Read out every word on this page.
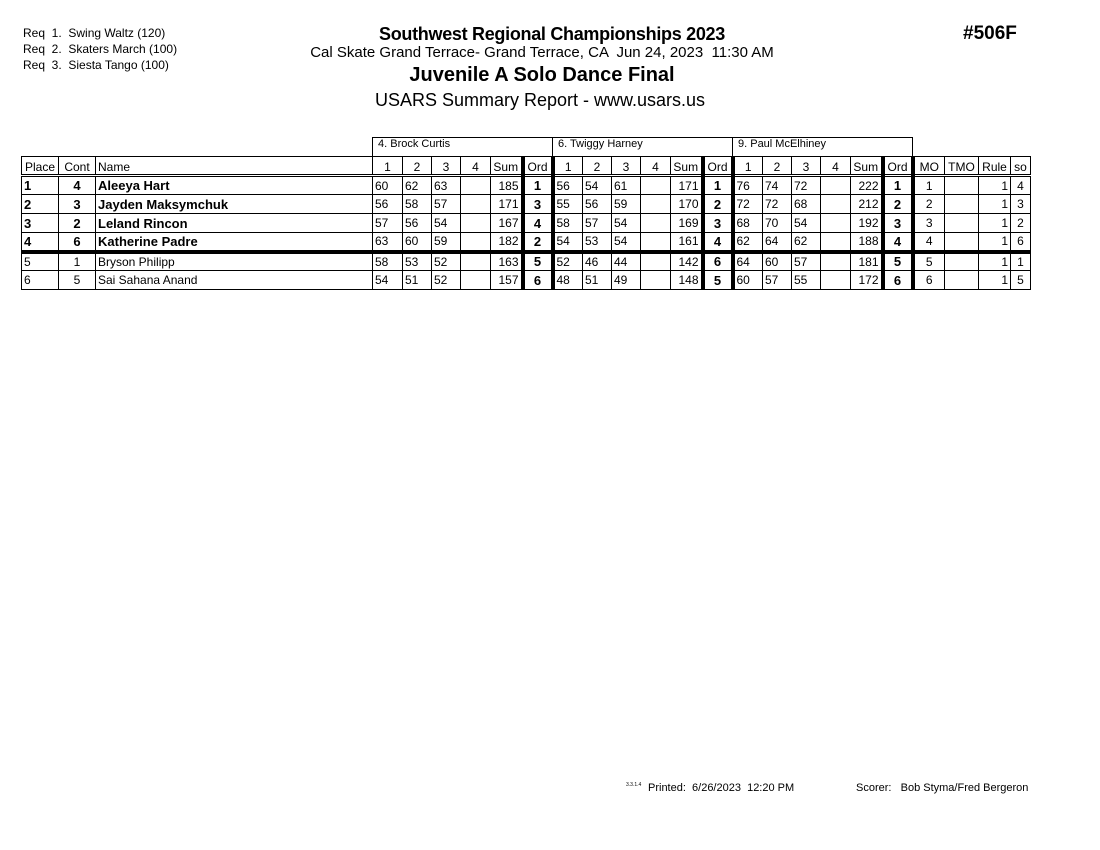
Req  1.  Swing Waltz (120)
Req  2.  Skaters March (100)
Req  3.  Siesta Tango (100)
Southwest Regional Championships 2023
Cal Skate Grand Terrace- Grand Terrace, CA  Jun 24, 2023  11:30 AM
Juvenile A Solo Dance Final
USARS Summary Report - www.usars.us
#506F
			4. Brock Curtis						6. Twiggy Harney						9. Paul McElhiney									
Place	Cont	Name	1	2	3	4	Sum	Ord	1	2	3	4	Sum	Ord	1	2	3	4	Sum	Ord	MO	TMO	Rule	so
1	4	Aleeya Hart	60	62	63		185	1	56	54	61		171	1	76	74	72		222	1	1		1	4
2	3	Jayden Maksymchuk	56	58	57		171	3	55	56	59		170	2	72	72	68		212	2	2		1	3
3	2	Leland Rincon	57	56	54		167	4	58	57	54		169	3	68	70	54		192	3	3		1	2
4	6	Katherine Padre	63	60	59		182	2	54	53	54		161	4	62	64	62		188	4	4		1	6
5	1	Bryson Philipp	58	53	52		163	5	52	46	44		142	6	64	60	57		181	5	5		1	1
6	5	Sai Sahana Anand	54	51	52		157	6	48	51	49		148	5	60	57	55		172	6	6		1	5
3.3.1.4 Printed:  6/26/2023  12:20 PM	Scorer:   Bob Styma/Fred Bergeron
